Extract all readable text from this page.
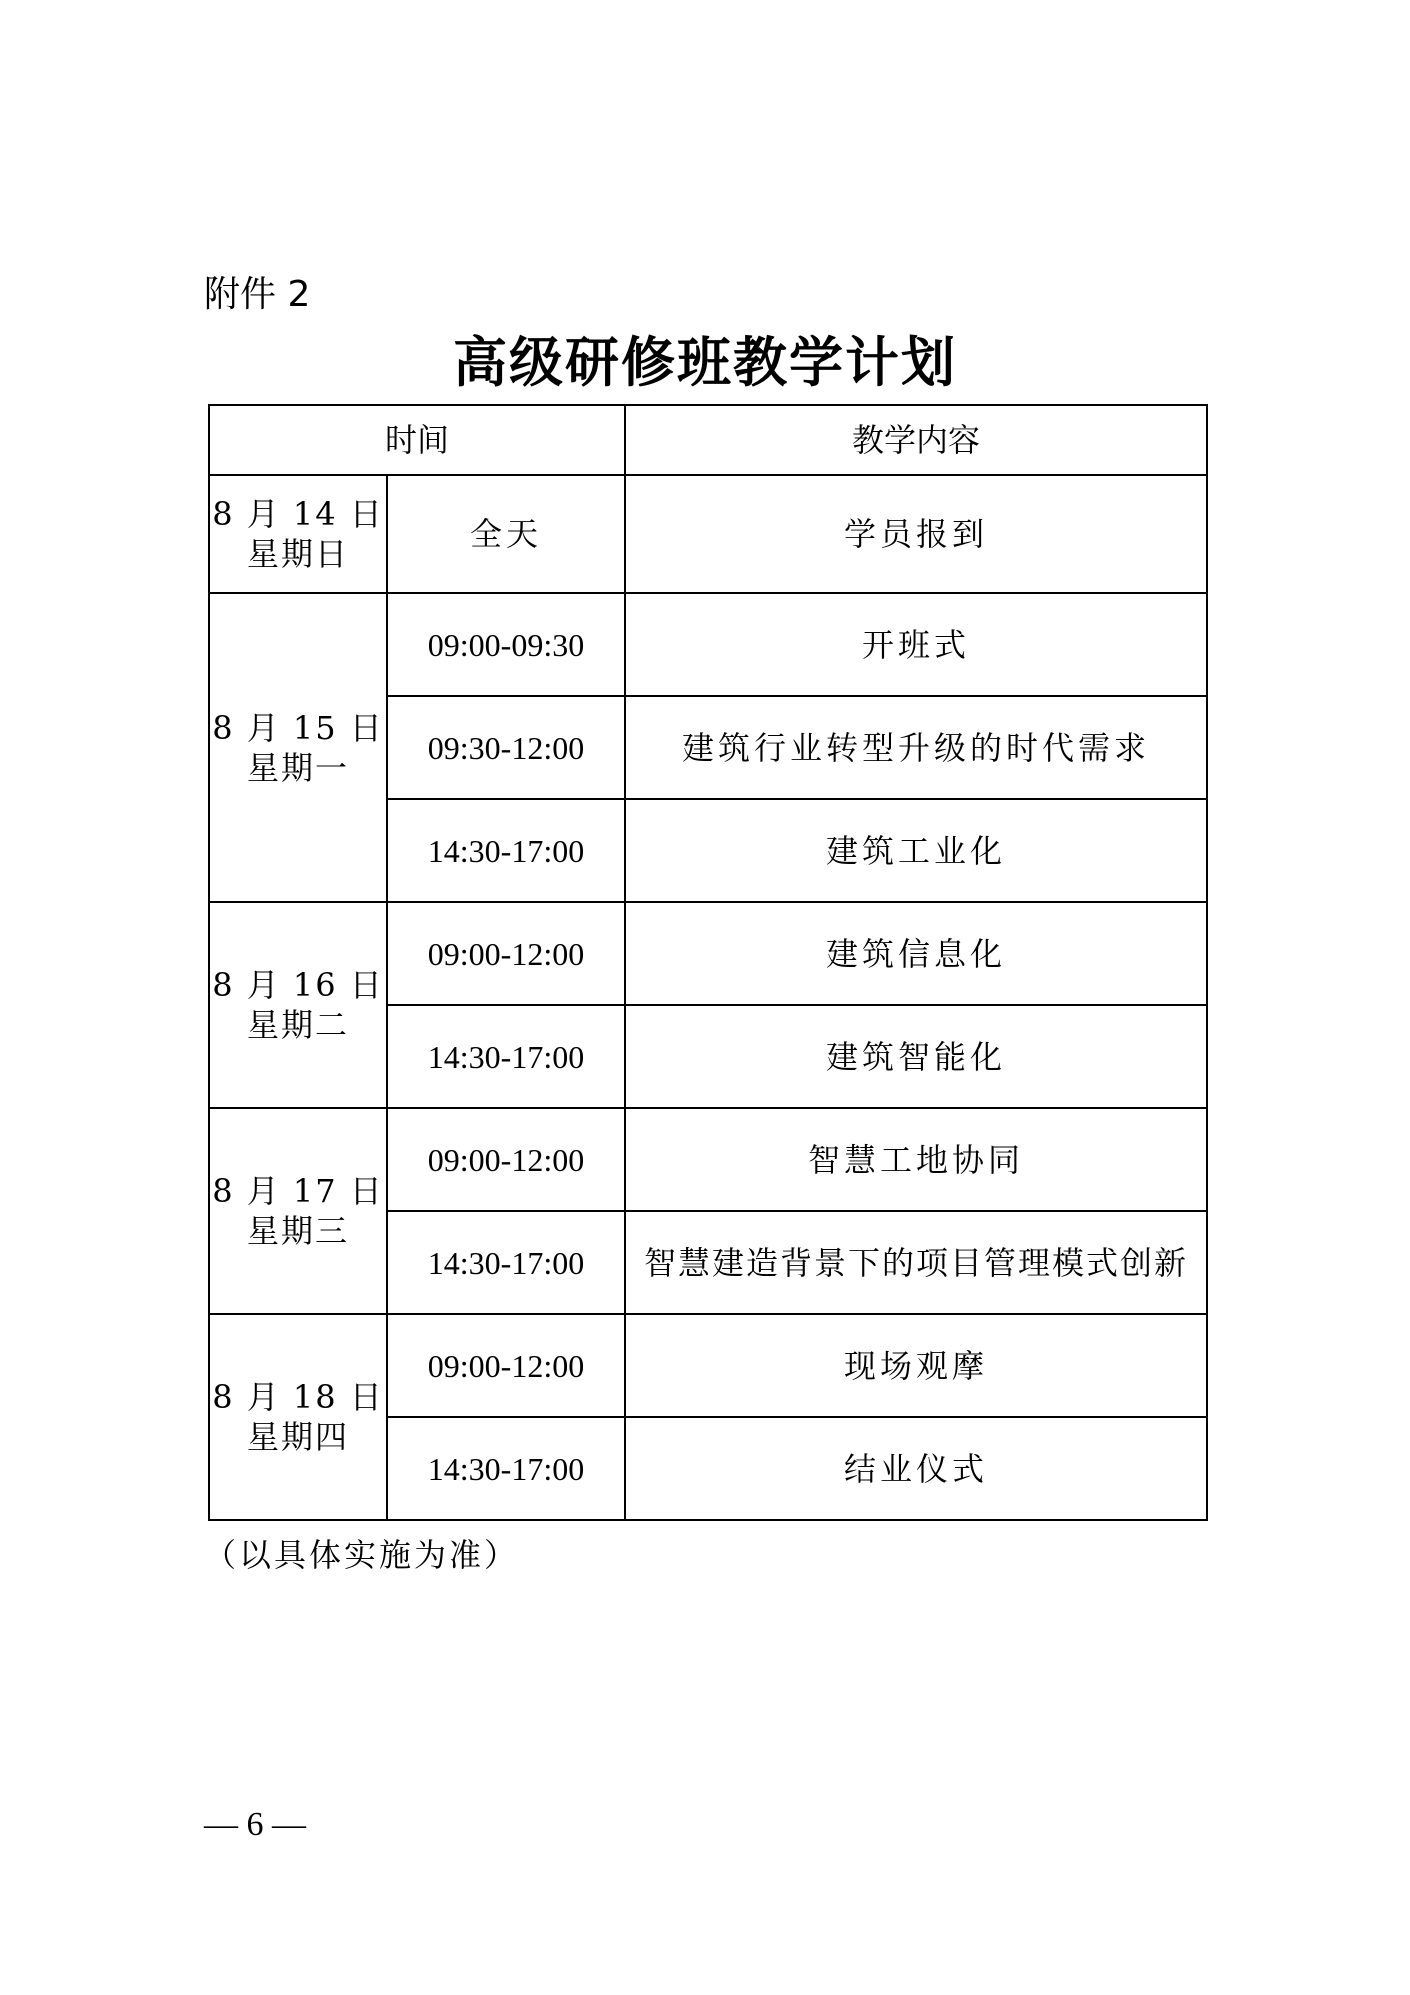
附件 2
高级研修班教学计划
时间		教学内容

8 月 14 日
星期日	全天	学员报到

8 月 15 日
星期一	09:00-09:30	开班式
	09:30-12:00	建筑行业转型升级的时代需求
	14:30-17:00	建筑工业化

8 月 16 日
星期二	09:00-12:00	建筑信息化
	14:30-17:00	建筑智能化

8 月 17 日
星期三	09:00-12:00	智慧工地协同
	14:30-17:00	智慧建造背景下的项目管理模式创新

8 月 18 日
星期四	09:00-12:00	现场观摩
	14:30-17:00	结业仪式
（以具体实施为准）
— 6 —
